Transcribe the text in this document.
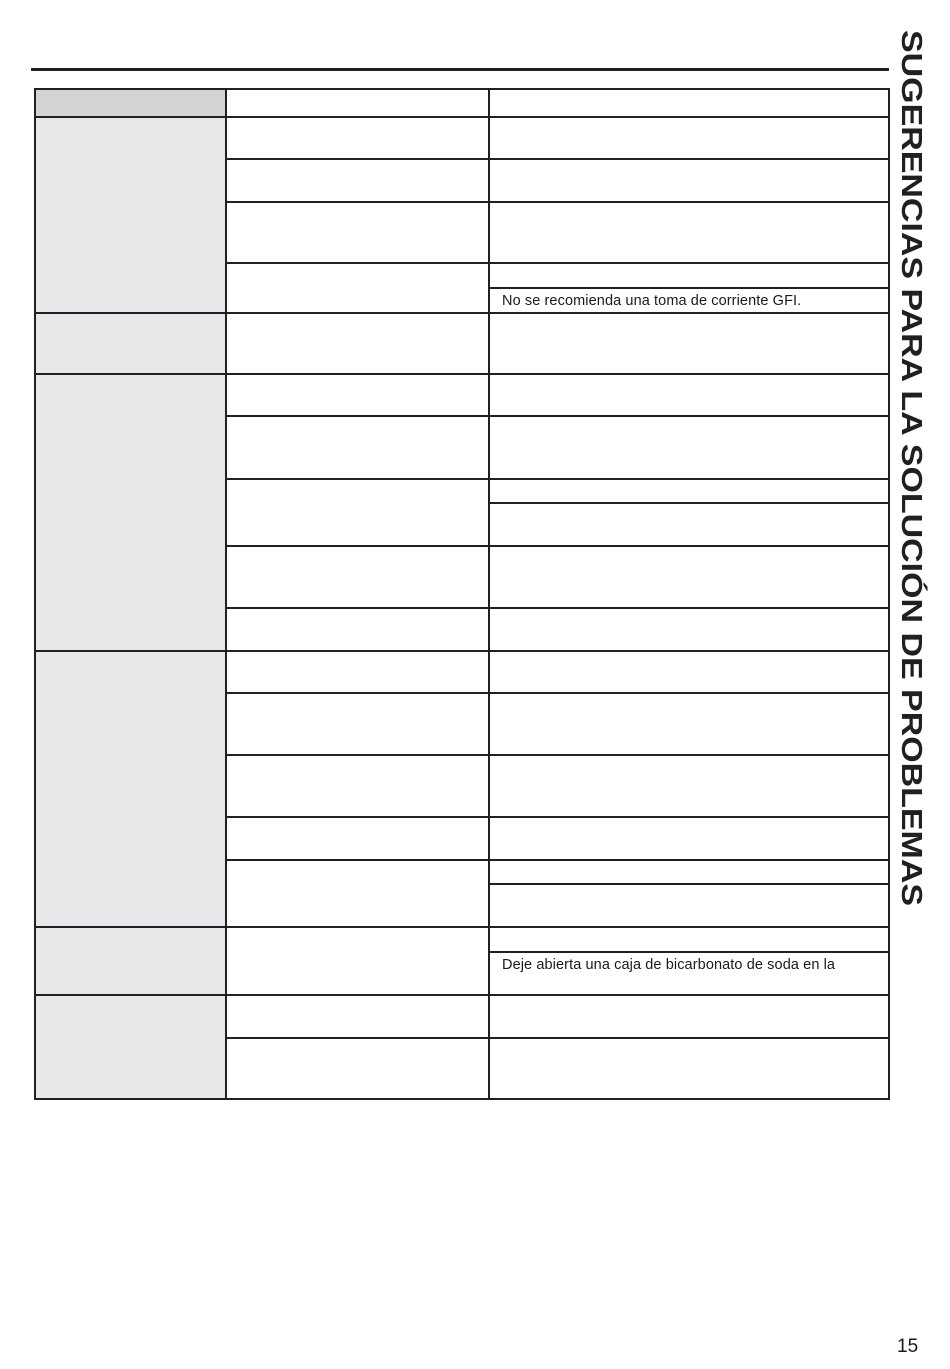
SUGERENCIAS PARA LA SOLUCIÓN DE PROBLEMAS
No se recomienda una toma de corriente GFI.
Deje abierta una caja de bicarbonato de soda en la
15
